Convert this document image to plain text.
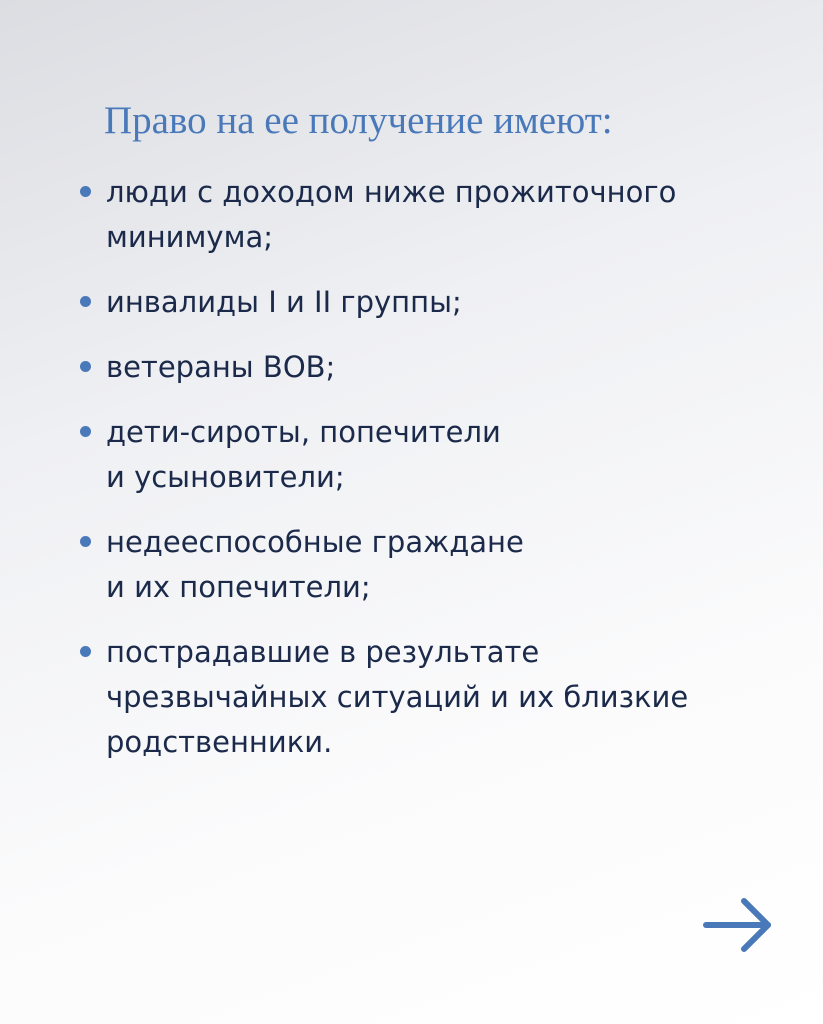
Право на ее получение имеют:
люди с доходом ниже прожиточного
минимума;
инвалиды I и II группы;
ветераны ВОВ;
дети-сироты, попечители
и усыновители;
недееспособные граждане
и их попечители;
пострадавшие в результате
чрезвычайных ситуаций и их близкие
родственники.
